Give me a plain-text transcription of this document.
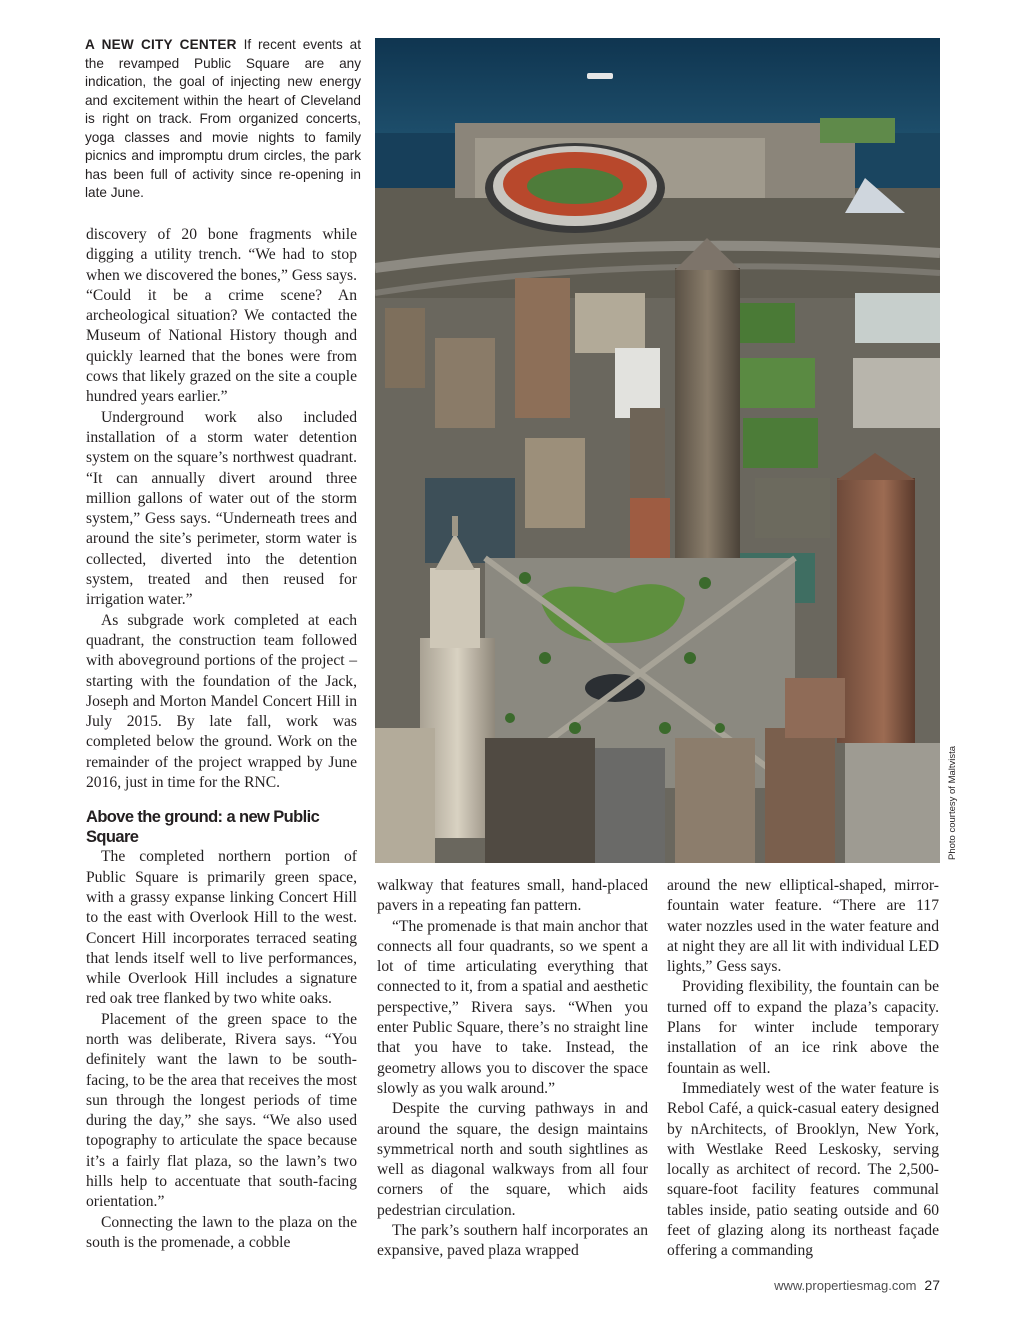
A NEW CITY CENTER If recent events at the revamped Public Square are any indication, the goal of injecting new energy and excitement within the heart of Cleveland is right on track. From organized concerts, yoga classes and movie nights to family picnics and impromptu drum circles, the park has been full of activity since re-opening in late June.

discovery of 20 bone fragments while digging a utility trench. “We had to stop when we discovered the bones,” Gess says. “Could it be a crime scene? An archeological situation? We contacted the Museum of National History though and quickly learned that the bones were from cows that likely grazed on the site a couple hundred years earlier.”

Underground work also included installation of a storm water detention system on the square’s northwest quadrant. “It can annually divert around three million gallons of water out of the storm system,” Gess says. “Underneath trees and around the site’s perimeter, storm water is collected, diverted into the detention system, treated and then reused for irrigation water.”

As subgrade work completed at each quadrant, the construction team followed with aboveground portions of the project – starting with the foundation of the Jack, Joseph and Morton Mandel Concert Hill in July 2015. By late fall, work was completed below the ground. Work on the remainder of the project wrapped by June 2016, just in time for the RNC.

Above the ground: a new Public Square

The completed northern portion of Public Square is primarily green space, with a grassy expanse linking Concert Hill to the east with Overlook Hill to the west. Concert Hill incorporates terraced seating that lends itself well to live performances, while Overlook Hill includes a signature red oak tree flanked by two white oaks.

Placement of the green space to the north was deliberate, Rivera says. “You definitely want the lawn to be south-facing, to be the area that receives the most sun through the longest periods of time during the day,” she says. “We also used topography to articulate the space because it’s a fairly flat plaza, so the lawn’s two hills help to accentuate that south-facing orientation.”

Connecting the lawn to the plaza on the south is the promenade, a cobble

walkway that features small, hand-placed pavers in a repeating fan pattern.

“The promenade is that main anchor that connects all four quadrants, so we spent a lot of time articulating everything that connected to it, from a spatial and aesthetic perspective,” Rivera says. “When you enter Public Square, there’s no straight line that you have to take. Instead, the geometry allows you to discover the space slowly as you walk around.”

Despite the curving pathways in and around the square, the design maintains symmetrical north and south sightlines as well as diagonal walkways from all four corners of the square, which aids pedestrian circulation.

The park’s southern half incorporates an expansive, paved plaza wrapped

around the new elliptical-shaped, mirror-fountain water feature. “There are 117 water nozzles used in the water feature and at night they are all lit with individual LED lights,” Gess says.

Providing flexibility, the fountain can be turned off to expand the plaza’s capacity. Plans for winter include temporary installation of an ice rink above the fountain as well.

Immediately west of the water feature is Rebol Café, a quick-casual eatery designed by nArchitects, of Brooklyn, New York, with Westlake Reed Leskosky, serving locally as architect of record. The 2,500-square-foot facility features communal tables inside, patio seating outside and 60 feet of glazing along its northeast façade offering a commanding

Photo courtesy of Maltvista
www.propertiesmag.com 27
